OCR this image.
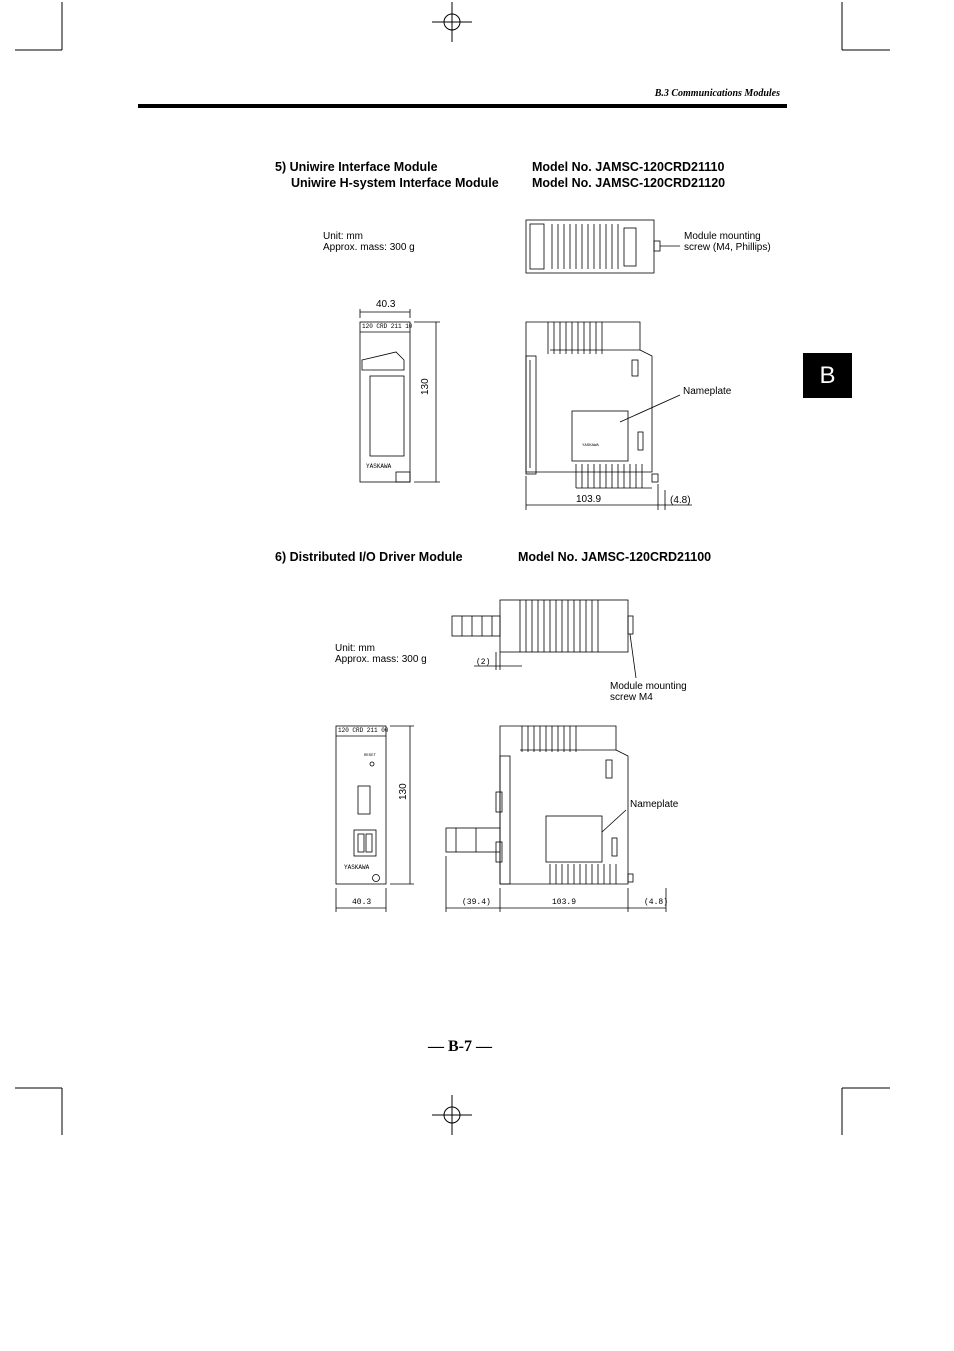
B.3 Communications Modules
B
5) Uniwire Interface Module
Uniwire H-system Interface Module
Model No. JAMSC-120CRD21110
Model No. JAMSC-120CRD21120
Unit: mm
Approx. mass: 300 g
Module mounting
screw (M4, Phillips)
40.3
130
120 CRD 211 10
YASKAWA
YASKAWA
Nameplate
103.9	(4.8)
6) Distributed I/O Driver Module	Model No. JAMSC-120CRD21100
Unit: mm
Approx. mass: 300 g	(2)
Module mounting
screw M4
120 CRD 211 00
RESET
YASKAWA
130
Nameplate
40.3	(39.4)	103.9	(4.8)
— B-7 —
